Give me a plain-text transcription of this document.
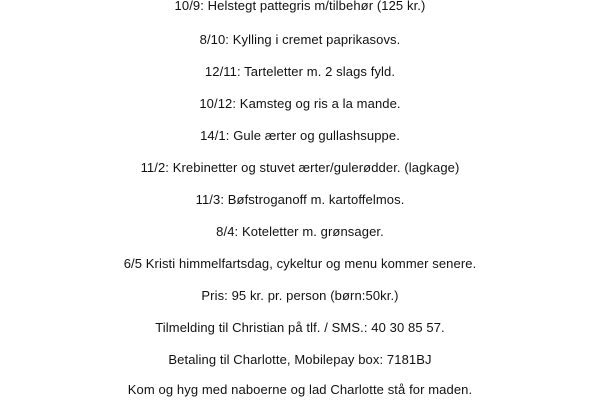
10/9: Helstegt pattegris m/tilbehør (125 kr.)
8/10: Kylling i cremet paprikasovs.
12/11: Tarteletter m. 2 slags fyld.
10/12: Kamsteg og ris a la mande.
14/1: Gule ærter og gullashsuppe.
11/2: Krebinetter og stuvet ærter/gulerødder. (lagkage)
11/3: Bøfstroganoff m. kartoffelmos.
8/4: Koteletter m. grønsager.
6/5 Kristi himmelfartsdag, cykeltur og menu kommer senere.
Pris: 95 kr. pr. person (børn:50kr.)
Tilmelding til Christian på tlf. / SMS.: 40 30 85 57.
Betaling til Charlotte, Mobilepay box: 7181BJ
Kom og hyg med naboerne og lad Charlotte stå for maden.
